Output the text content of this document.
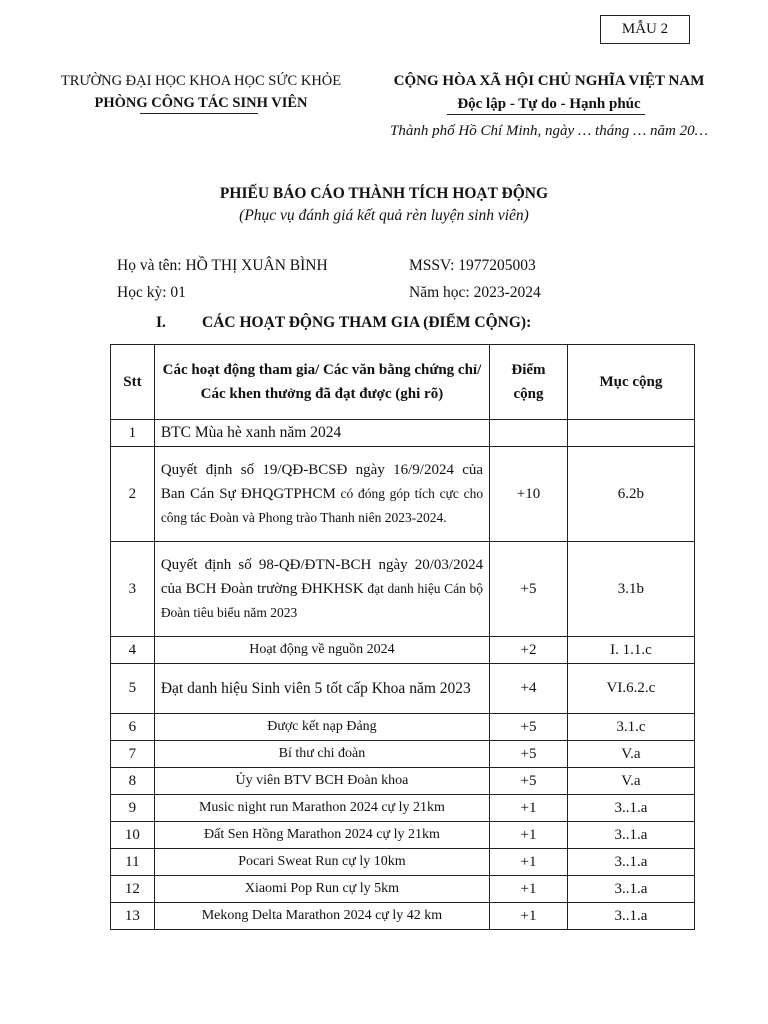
MẪU 2
TRƯỜNG ĐẠI HỌC KHOA HỌC SỨC KHỎE
PHÒNG CÔNG TÁC SINH VIÊN
CỘNG HÒA XÃ HỘI CHỦ NGHĨA VIỆT NAM
Độc lập - Tự do - Hạnh phúc
Thành phố Hồ Chí Minh, ngày … tháng … năm 20…
PHIẾU BÁO CÁO THÀNH TÍCH HOẠT ĐỘNG
(Phục vụ đánh giá kết quả rèn luyện sinh viên)
Họ và tên: HỒ THỊ XUÂN BÌNH	MSSV: 1977205003
Học kỳ: 01	Năm học: 2023-2024
I. CÁC HOẠT ĐỘNG THAM GIA (ĐIỂM CỘNG):
Stt	Các hoạt động tham gia/ Các văn bằng chứng chỉ/ Các khen thưởng đã đạt được (ghi rõ)	Điểm cộng	Mục cộng
1	BTC Mùa hè xanh năm 2024		
2	Quyết định số 19/QĐ-BCSĐ ngày 16/9/2024 của Ban Cán Sự ĐHQGTPHCM có đóng góp tích cực cho công tác Đoàn và Phong trào Thanh niên 2023-2024.	+10	6.2b
3	Quyết định số 98-QĐ/ĐTN-BCH ngày 20/03/2024 của BCH Đoàn trường ĐHKHSK đạt danh hiệu Cán bộ Đoàn tiêu biểu năm 2023	+5	3.1b
4	Hoạt động về nguồn 2024	+2	I. 1.1.c
5	Đạt danh hiệu Sinh viên 5 tốt cấp Khoa năm 2023	+4	VI.6.2.c
6	Được kết nạp Đảng	+5	3.1.c
7	Bí thư chi đoàn	+5	V.a
8	Ủy viên BTV BCH Đoàn khoa	+5	V.a
9	Music night run Marathon 2024 cự ly 21km	+1	3..1.a
10	Đất Sen Hồng Marathon 2024 cự ly 21km	+1	3..1.a
11	Pocari Sweat Run cự ly 10km	+1	3..1.a
12	Xiaomi Pop Run cự ly 5km	+1	3..1.a
13	Mekong Delta Marathon 2024 cự ly 42 km	+1	3..1.a
